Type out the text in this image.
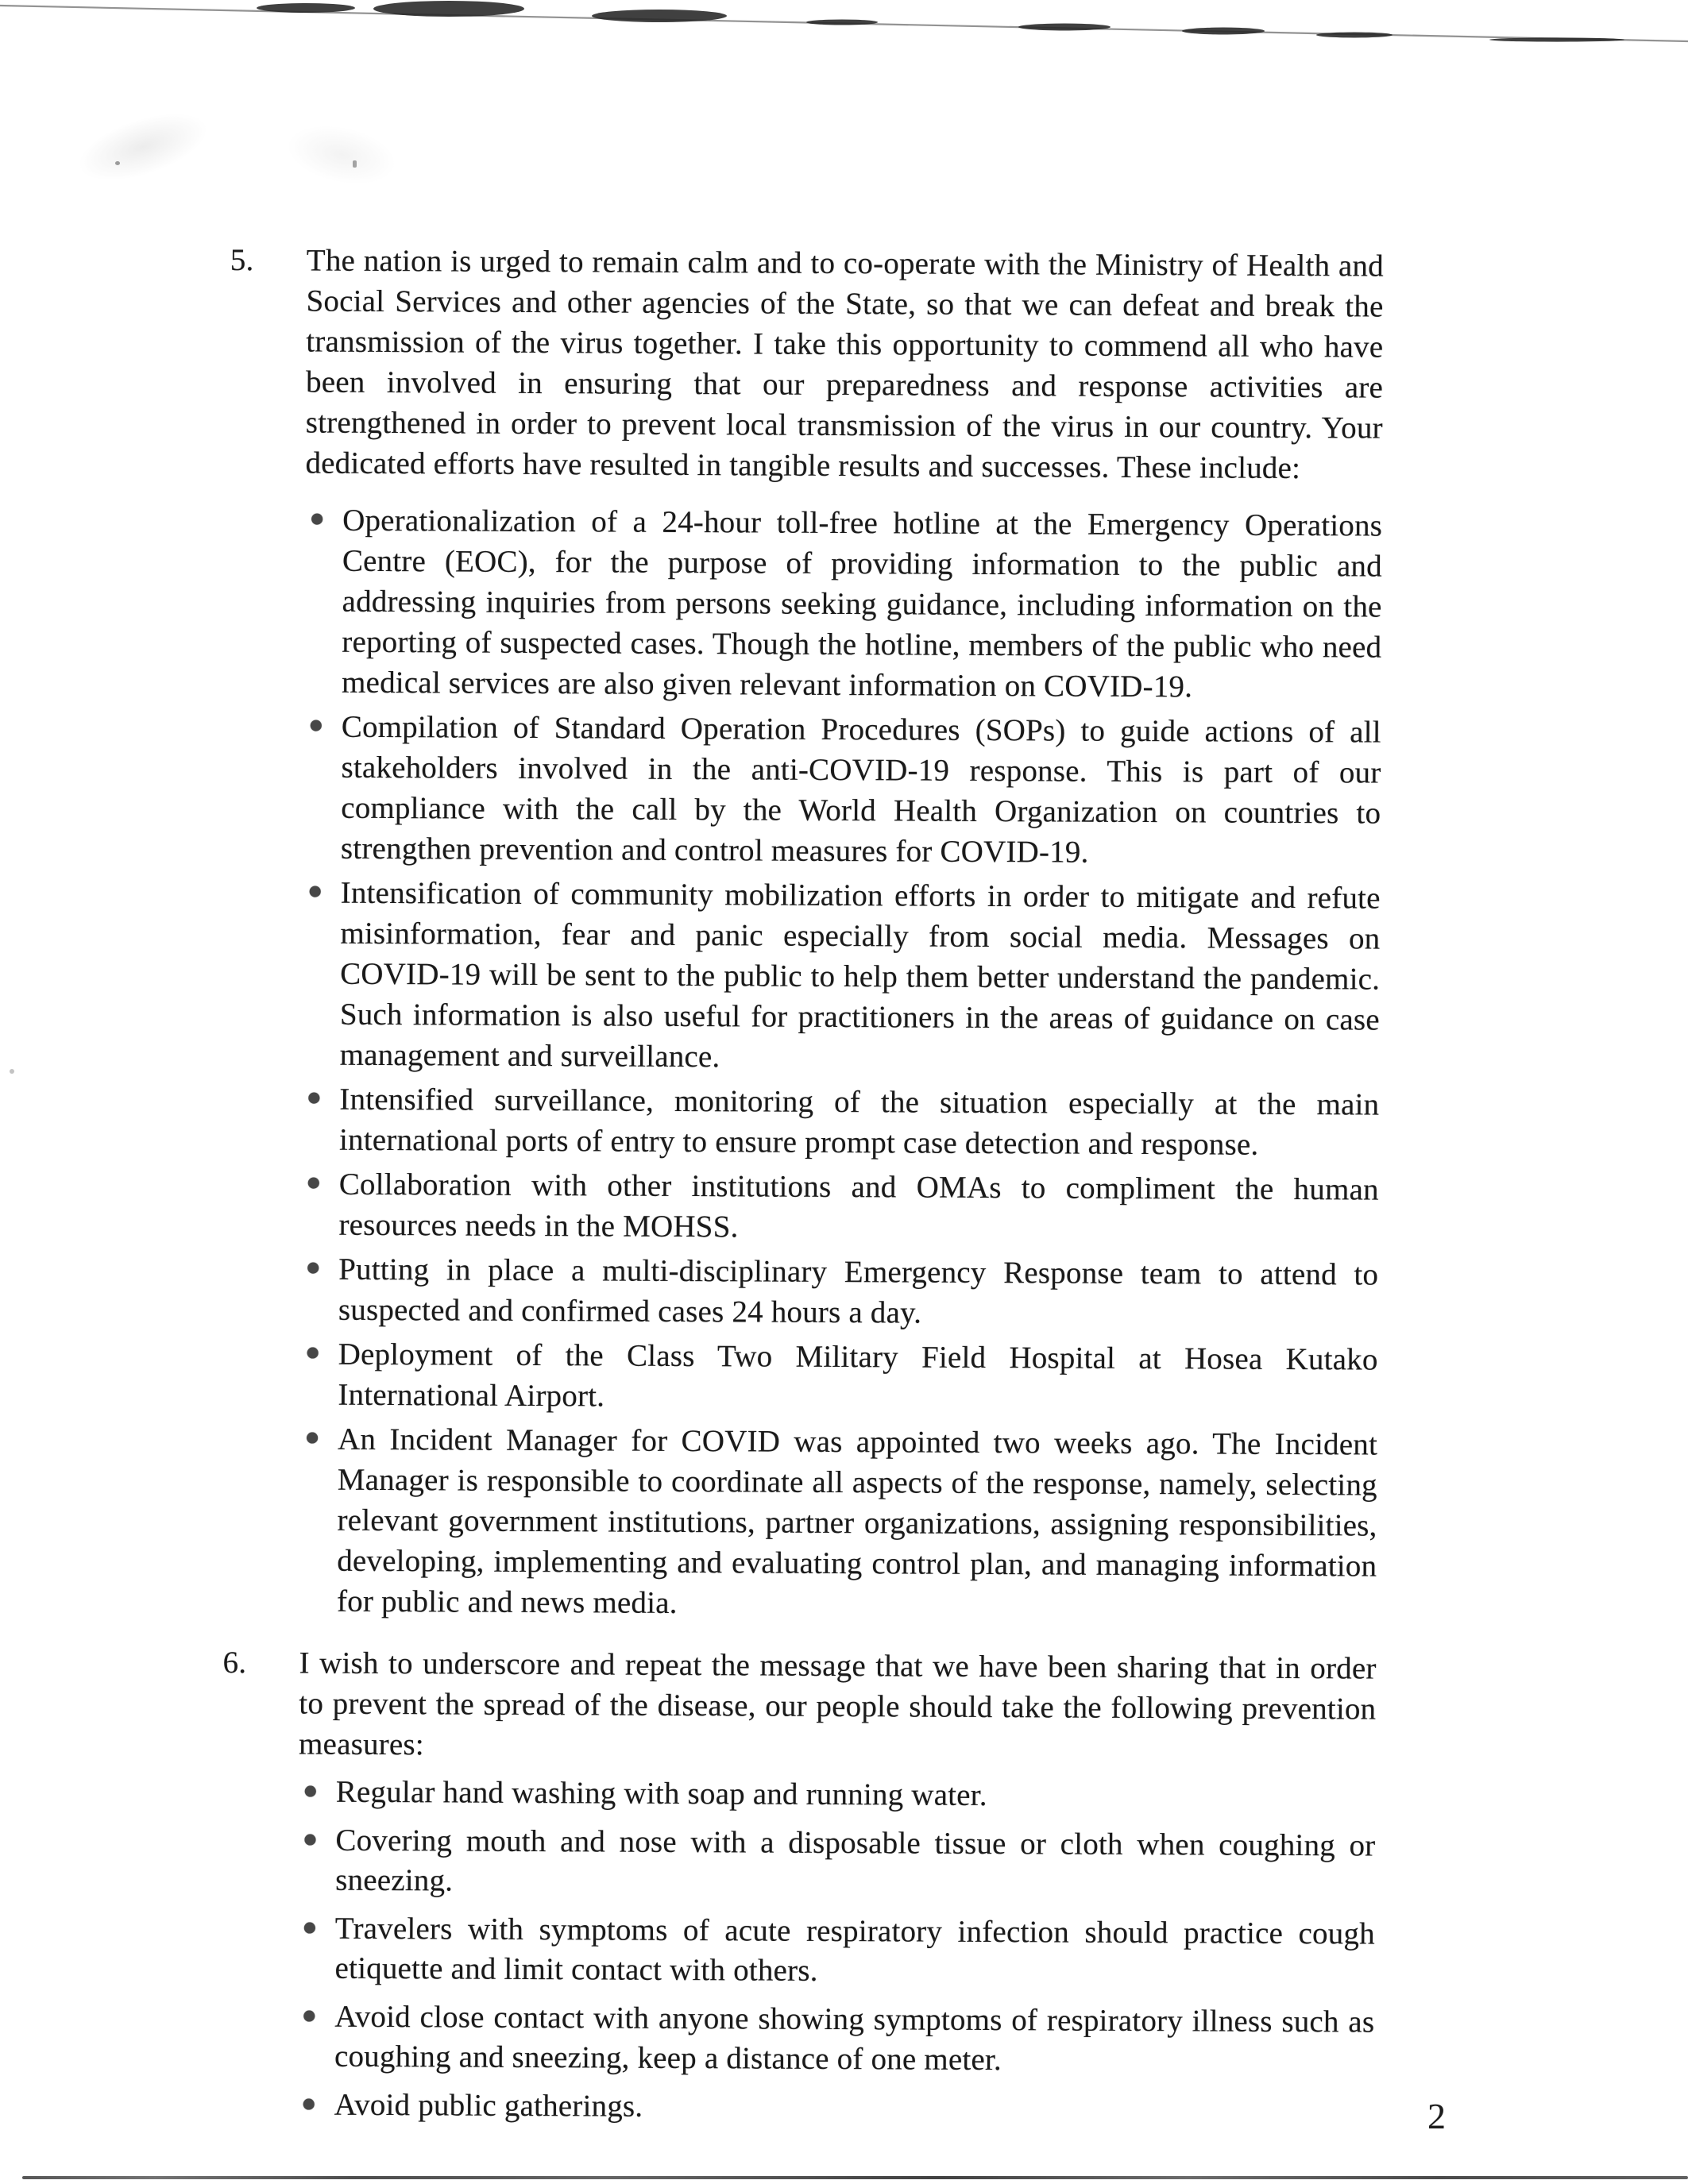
5.	The nation is urged to remain calm and to co-operate with the Ministry of Health and Social Services and other agencies of the State, so that we can defeat and break the transmission of the virus together. I take this opportunity to commend all who have been involved in ensuring that our preparedness and response activities are strengthened in order to prevent local transmission of the virus in our country. Your dedicated efforts have resulted in tangible results and successes. These include:

Operationalization of a 24-hour toll-free hotline at the Emergency Operations Centre (EOC), for the purpose of providing information to the public and addressing inquiries from persons seeking guidance, including information on the reporting of suspected cases. Though the hotline, members of the public who need medical services are also given relevant information on COVID-19.
Compilation of Standard Operation Procedures (SOPs) to guide actions of all stakeholders involved in the anti-COVID-19 response. This is part of our compliance with the call by the World Health Organization on countries to strengthen prevention and control measures for COVID-19.
Intensification of community mobilization efforts in order to mitigate and refute misinformation, fear and panic especially from social media. Messages on COVID-19 will be sent to the public to help them better understand the pandemic. Such information is also useful for practitioners in the areas of guidance on case management and surveillance.
Intensified surveillance, monitoring of the situation especially at the main international ports of entry to ensure prompt case detection and response.
Collaboration with other institutions and OMAs to compliment the human resources needs in the MOHSS.
Putting in place a multi-disciplinary Emergency Response team to attend to suspected and confirmed cases 24 hours a day.
Deployment of the Class Two Military Field Hospital at Hosea Kutako International Airport.
An Incident Manager for COVID was appointed two weeks ago. The Incident Manager is responsible to coordinate all aspects of the response, namely, selecting relevant government institutions, partner organizations, assigning responsibilities, developing, implementing and evaluating control plan, and managing information for public and news media.
6.	I wish to underscore and repeat the message that we have been sharing that in order to prevent the spread of the disease, our people should take the following prevention measures:

Regular hand washing with soap and running water.
Covering mouth and nose with a disposable tissue or cloth when coughing or sneezing.
Travelers with symptoms of acute respiratory infection should practice cough etiquette and limit contact with others.
Avoid close contact with anyone showing symptoms of respiratory illness such as coughing and sneezing, keep a distance of one meter.
Avoid public gatherings.	2
